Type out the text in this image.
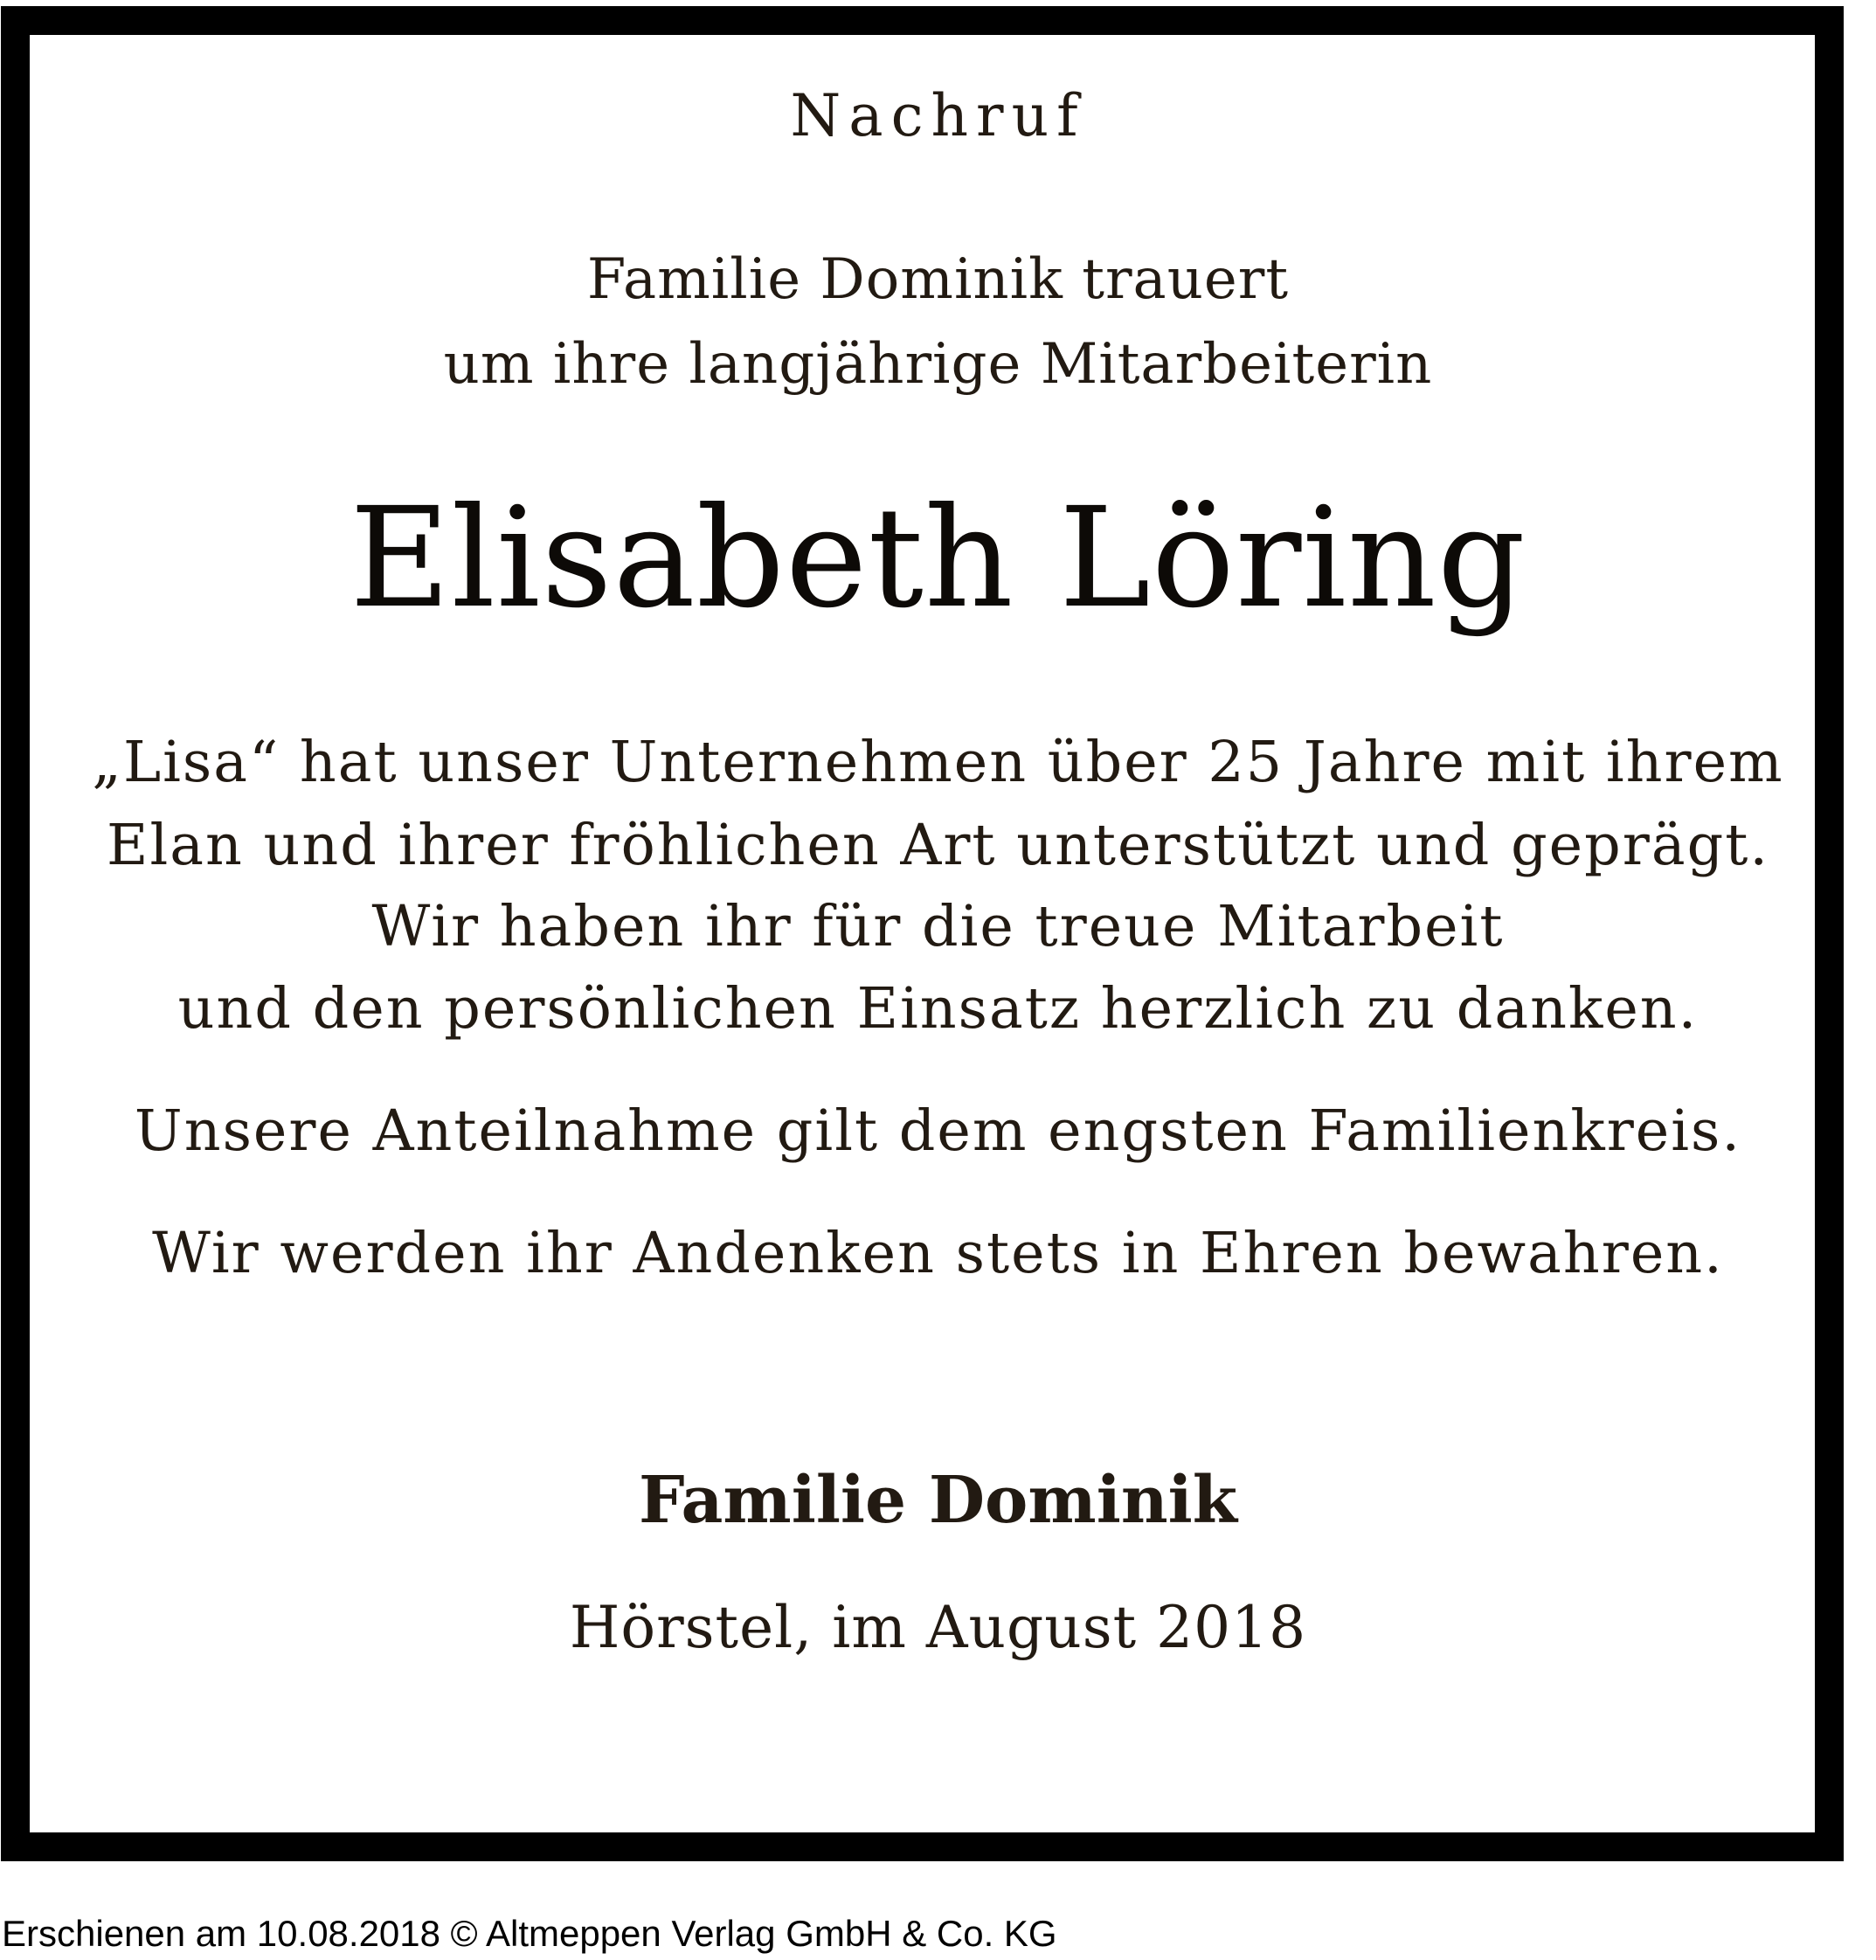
Nachruf
Familie Dominik trauert
um ihre langjährige Mitarbeiterin
Elisabeth Löring
„Lisa“ hat unser Unternehmen über 25 Jahre mit ihrem
Elan und ihrer fröhlichen Art unterstützt und geprägt.
Wir haben ihr für die treue Mitarbeit
und den persönlichen Einsatz herzlich zu danken.
Unsere Anteilnahme gilt dem engsten Familienkreis.
Wir werden ihr Andenken stets in Ehren bewahren.
Familie Dominik
Hörstel, im August 2018
Erschienen am 10.08.2018 © Altmeppen Verlag GmbH & Co. KG
